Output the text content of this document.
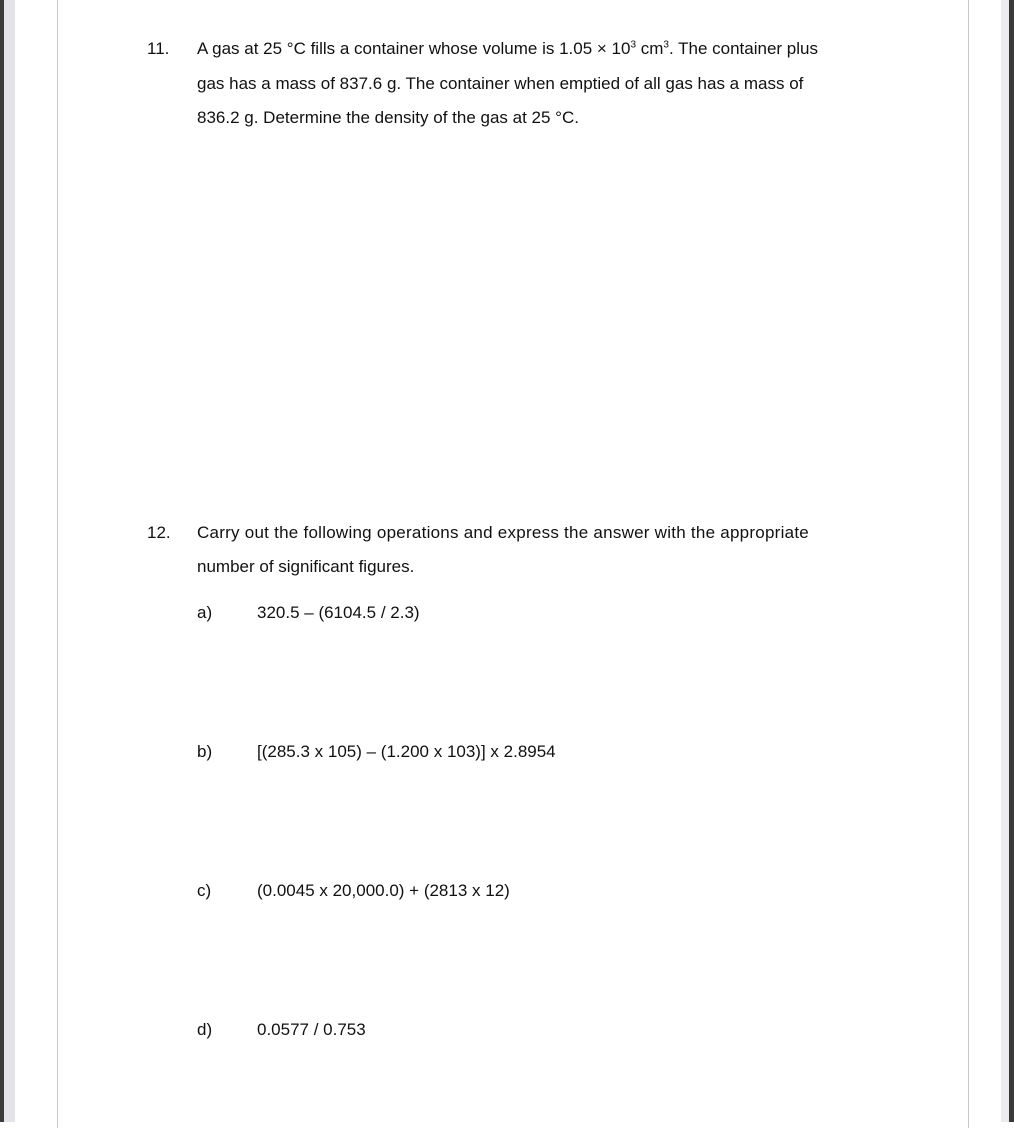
11. A gas at 25 °C fills a container whose volume is $1.05 \times 10^3$ $cm^3$. The container plus
gas has a mass of 837.6 g. The container when emptied of all gas has a mass of
836.2 g. Determine the density of the gas at 25 °C.
12. Carry out the following operations and express the answer with the appropriate
number of significant figures.
a)	320.5 – (6104.5 / 2.3)
b)	[(285.3 x 105) – (1.200 x 103)] x 2.8954
c)	(0.0045 x 20,000.0) + (2813 x 12)
d)	0.0577 / 0.753
